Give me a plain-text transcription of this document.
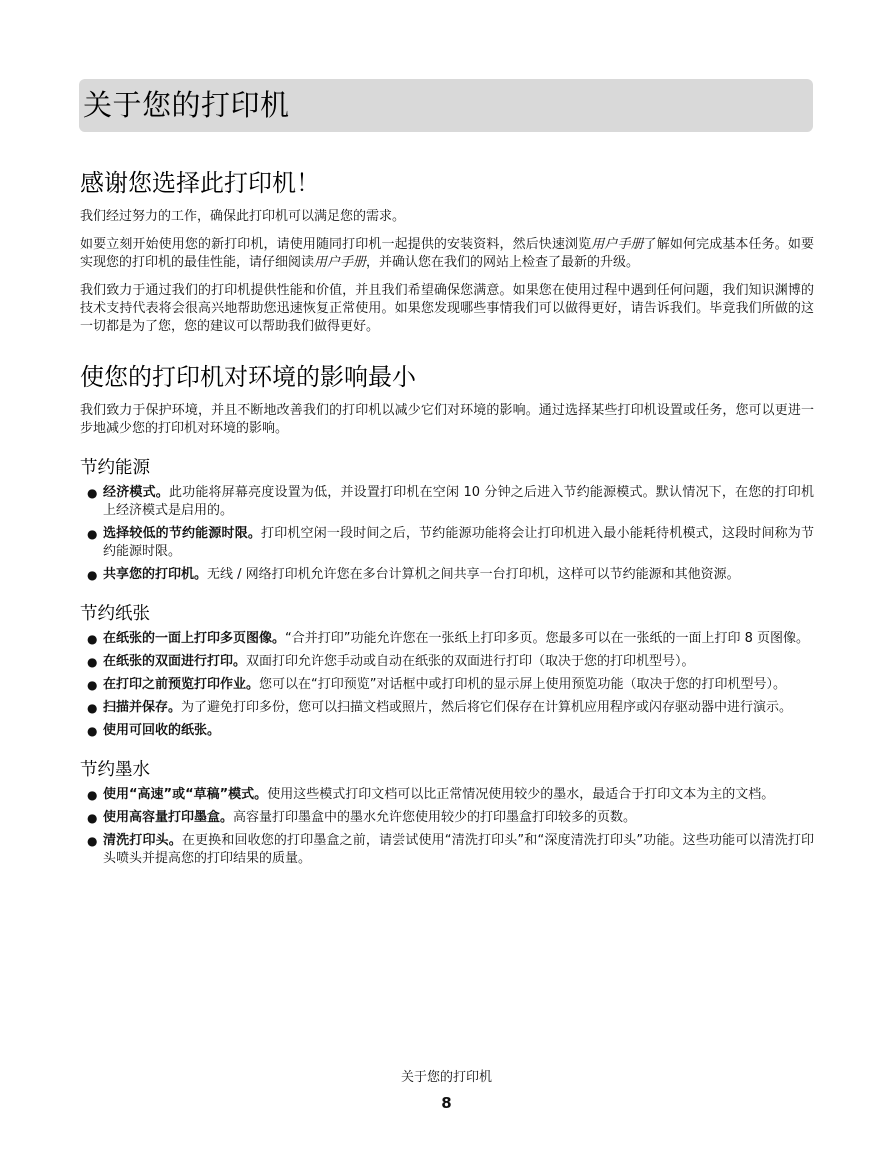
关于您的打印机
感谢您选择此打印机！

我们经过努力的工作，确保此打印机可以满足您的需求。

如要立刻开始使用您的新打印机，请使用随同打印机一起提供的安装资料，然后快速浏览用户手册了解如何完成基本任务。如要实现您的打印机的最佳性能，请仔细阅读用户手册，并确认您在我们的网站上检查了最新的升级。

我们致力于通过我们的打印机提供性能和价值，并且我们希望确保您满意。如果您在使用过程中遇到任何问题，我们知识渊博的技术支持代表将会很高兴地帮助您迅速恢复正常使用。如果您发现哪些事情我们可以做得更好，请告诉我们。毕竟我们所做的这一切都是为了您，您的建议可以帮助我们做得更好。

使您的打印机对环境的影响最小

我们致力于保护环境，并且不断地改善我们的打印机以减少它们对环境的影响。通过选择某些打印机设置或任务，您可以更进一步地减少您的打印机对环境的影响。

节约能源
● 经济模式。此功能将屏幕亮度设置为低，并设置打印机在空闲 10 分钟之后进入节约能源模式。默认情况下，在您的打印机上经济模式是启用的。
● 选择较低的节约能源时限。打印机空闲一段时间之后，节约能源功能将会让打印机进入最小能耗待机模式，这段时间称为节约能源时限。
● 共享您的打印机。无线 / 网络打印机允许您在多台计算机之间共享一台打印机，这样可以节约能源和其他资源。
节约纸张
● 在纸张的一面上打印多页图像。“合并打印”功能允许您在一张纸上打印多页。您最多可以在一张纸的一面上打印 8 页图像。
● 在纸张的双面进行打印。双面打印允许您手动或自动在纸张的双面进行打印（取决于您的打印机型号）。
● 在打印之前预览打印作业。您可以在“打印预览”对话框中或打印机的显示屏上使用预览功能（取决于您的打印机型号）。
● 扫描并保存。为了避免打印多份，您可以扫描文档或照片，然后将它们保存在计算机应用程序或闪存驱动器中进行演示。
● 使用可回收的纸张。
节约墨水
● 使用“高速”或“草稿”模式。使用这些模式打印文档可以比正常情况使用较少的墨水，最适合于打印文本为主的文档。
● 使用高容量打印墨盒。高容量打印墨盒中的墨水允许您使用较少的打印墨盒打印较多的页数。
● 清洗打印头。在更换和回收您的打印墨盒之前，请尝试使用“清洗打印头”和“深度清洗打印头”功能。这些功能可以清洗打印头喷头并提高您的打印结果的质量。
关于您的打印机
8
